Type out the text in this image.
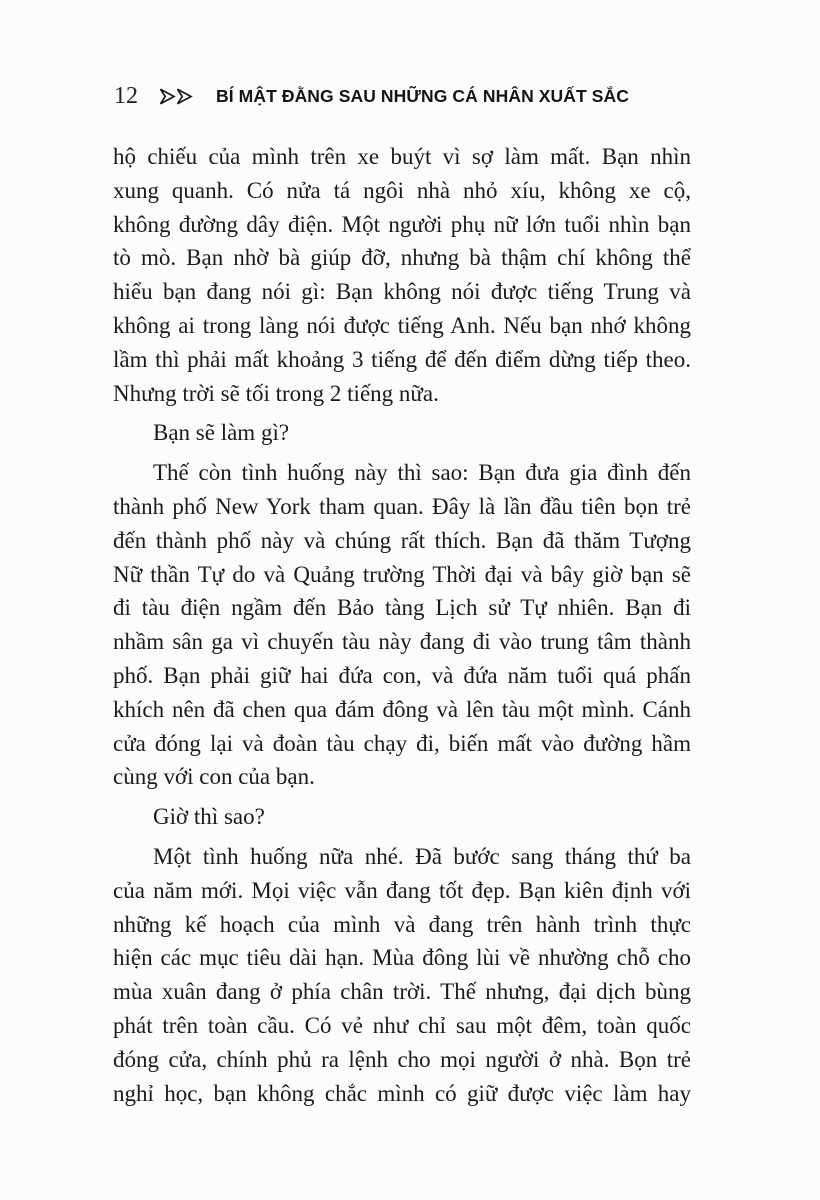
12	BÍ MẬT ĐẰNG SAU NHỮNG CÁ NHÂN XUẤT SẮC
hộ chiếu của mình trên xe buýt vì sợ làm mất. Bạn nhìn
xung quanh. Có nửa tá ngôi nhà nhỏ xíu, không xe cộ,
không đường dây điện. Một người phụ nữ lớn tuổi nhìn bạn
tò mò. Bạn nhờ bà giúp đỡ, nhưng bà thậm chí không thể
hiểu bạn đang nói gì: Bạn không nói được tiếng Trung và
không ai trong làng nói được tiếng Anh. Nếu bạn nhớ không
lầm thì phải mất khoảng 3 tiếng để đến điểm dừng tiếp theo.
Nhưng trời sẽ tối trong 2 tiếng nữa.
Bạn sẽ làm gì?
Thế còn tình huống này thì sao: Bạn đưa gia đình đến
thành phố New York tham quan. Đây là lần đầu tiên bọn trẻ
đến thành phố này và chúng rất thích. Bạn đã thăm Tượng
Nữ thần Tự do và Quảng trường Thời đại và bây giờ bạn sẽ
đi tàu điện ngầm đến Bảo tàng Lịch sử Tự nhiên. Bạn đi
nhầm sân ga vì chuyến tàu này đang đi vào trung tâm thành
phố. Bạn phải giữ hai đứa con, và đứa năm tuổi quá phấn
khích nên đã chen qua đám đông và lên tàu một mình. Cánh
cửa đóng lại và đoàn tàu chạy đi, biến mất vào đường hầm
cùng với con của bạn.
Giờ thì sao?
Một tình huống nữa nhé. Đã bước sang tháng thứ ba
của năm mới. Mọi việc vẫn đang tốt đẹp. Bạn kiên định với
những kế hoạch của mình và đang trên hành trình thực
hiện các mục tiêu dài hạn. Mùa đông lùi về nhường chỗ cho
mùa xuân đang ở phía chân trời. Thế nhưng, đại dịch bùng
phát trên toàn cầu. Có vẻ như chỉ sau một đêm, toàn quốc
đóng cửa, chính phủ ra lệnh cho mọi người ở nhà. Bọn trẻ
nghỉ học, bạn không chắc mình có giữ được việc làm hay
